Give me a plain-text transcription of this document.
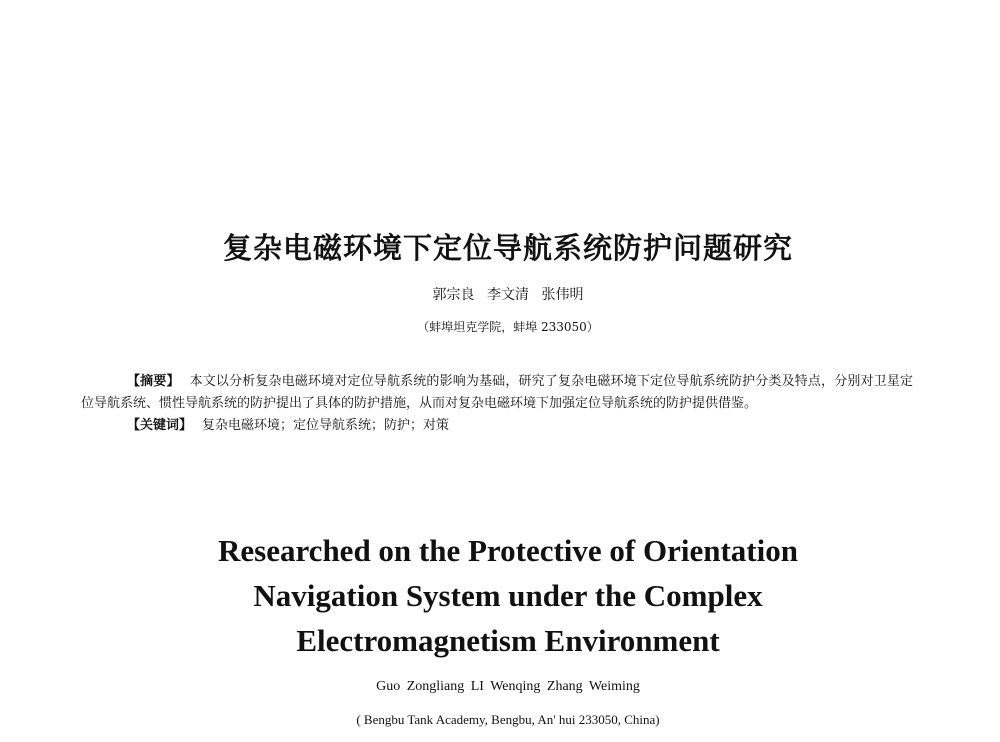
复杂电磁环境下定位导航系统防护问题研究
郭宗良 李文清 张伟明
（蚌埠坦克学院，蚌埠 233050）

【摘要】 本文以分析复杂电磁环境对定位导航系统的影响为基础，研究了复杂电磁环境下定位导航系统防护分类及特点，分别对卫星定位导航系统、惯性导航系统的防护提出了具体的防护措施，从而对复杂电磁环境下加强定位导航系统的防护提供借鉴。

【关键词】 复杂电磁环境；定位导航系统；防护；对策

Researched on the Protective of Orientation
Navigation System under the Complex
Electromagnetism Environment
Guo Zongliang LI Wenqing Zhang Weiming
( Bengbu Tank Academy, Bengbu, An' hui 233050, China)
